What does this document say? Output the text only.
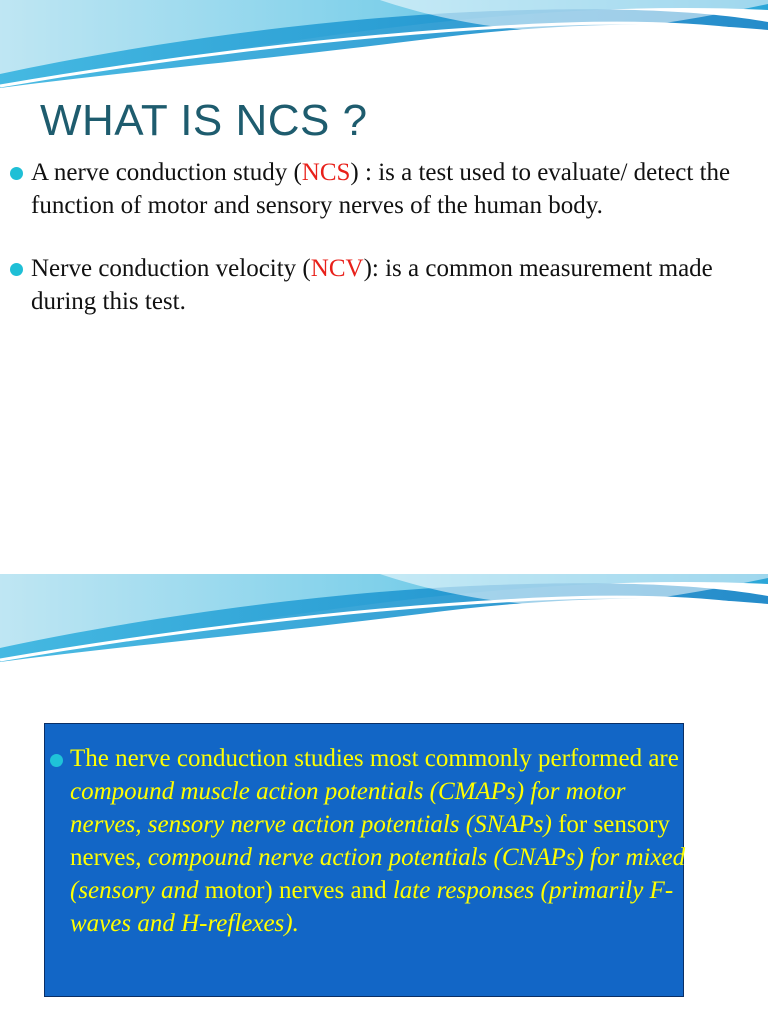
WHAT IS NCS ?
A nerve conduction study (NCS) : is a test used to evaluate/ detect the function of motor and sensory nerves of the human body.
Nerve conduction velocity (NCV): is a common measurement made during this test.
The nerve conduction studies most commonly performed are compound muscle action potentials (CMAPs) for motor nerves, sensory nerve action potentials (SNAPs) for sensory nerves, compound nerve action potentials (CNAPs) for mixed (sensory and motor) nerves and late responses (primarily F-waves and H-reflexes).
